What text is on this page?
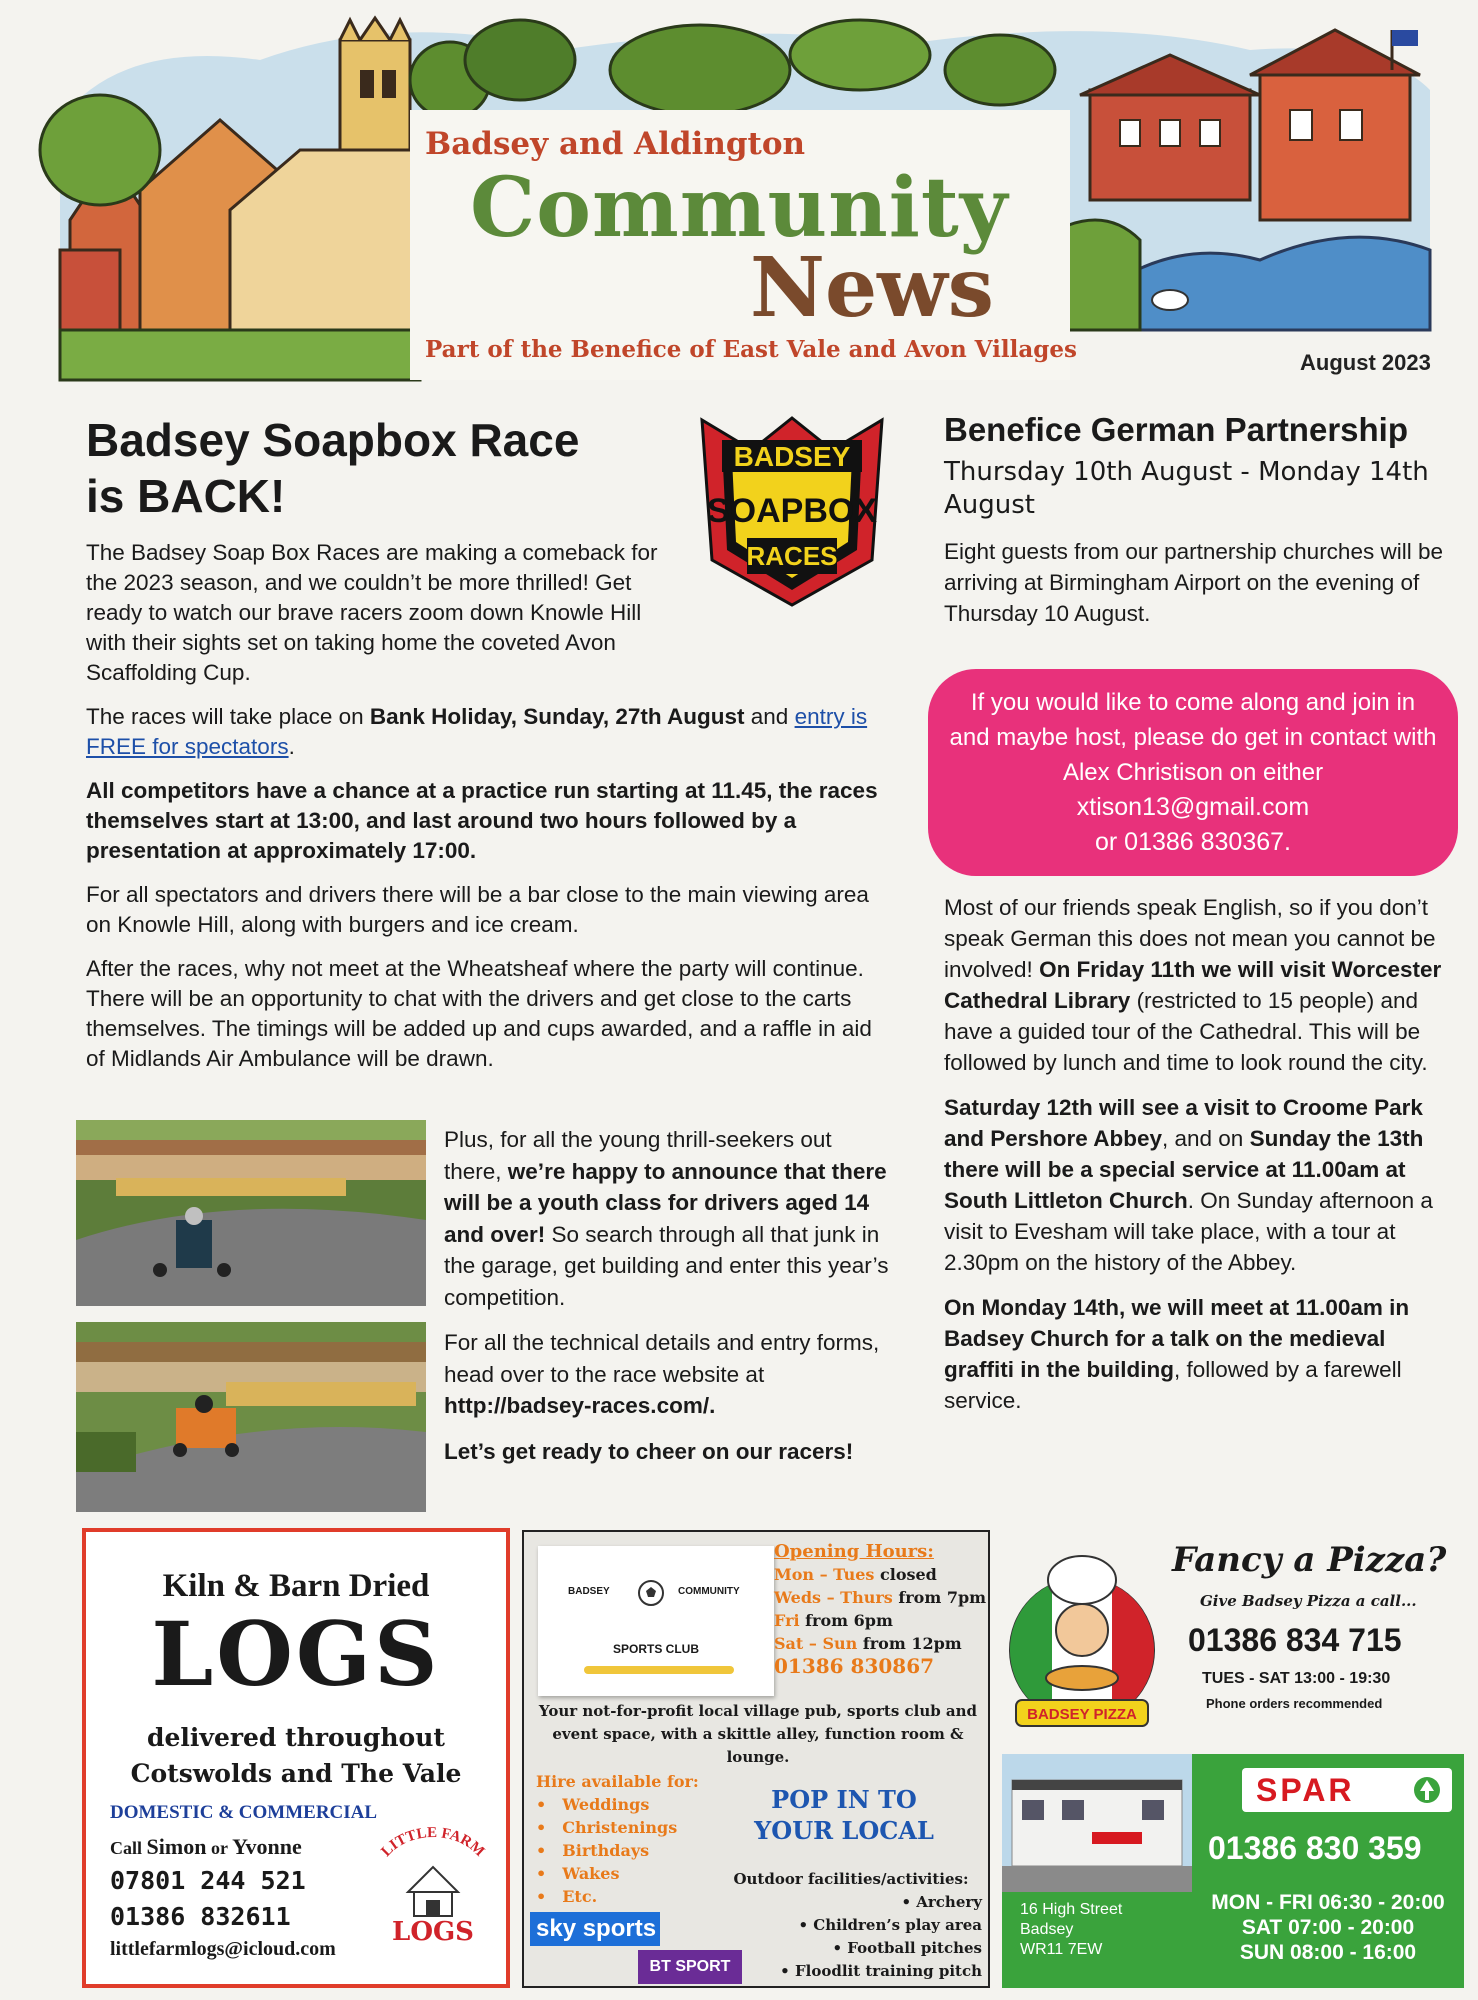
Badsey and Aldington
Community
News
Part of the Benefice of East Vale and Avon Villages	August 2023
BADSEY
SOAPBOX
RACES
Badsey Soapbox Race
is BACK!

The Badsey Soap Box Races are making a comeback for the 2023 season, and we couldn’t be more thrilled! Get ready to watch our brave racers zoom down Knowle Hill with their sights set on taking home the coveted Avon Scaffolding Cup.

The races will take place on Bank Holiday, Sunday, 27th August and entry is FREE for spectators.

All competitors have a chance at a practice run starting at 11.45, the races themselves start at 13:00, and last around two hours followed by a presentation at approximately 17:00.

For all spectators and drivers there will be a bar close to the main viewing area on Knowle Hill, along with burgers and ice cream.

After the races, why not meet at the Wheatsheaf where the party will continue. There will be an opportunity to chat with the drivers and get close to the carts themselves. The timings will be added up and cups awarded, and a raffle in aid of Midlands Air Ambulance will be drawn.

Plus, for all the young thrill-seekers out there, we’re happy to announce that there will be a youth class for drivers aged 14 and over! So search through all that junk in the garage, get building and enter this year’s competition.

For all the technical details and entry forms, head over to the race website at http://badsey-races.com/.

Let’s get ready to cheer on our racers!

Benefice German Partnership
Thursday 10th August - Monday 14th August

Eight guests from our partnership churches will be arriving at Birmingham Airport on the evening of Thursday 10 August.

If you would like to come along and join in and maybe host, please do get in contact with Alex Christison on either
xtison13@gmail.com
or 01386 830367.

Most of our friends speak English, so if you don’t speak German this does not mean you cannot be involved! On Friday 11th we will visit Worcester Cathedral Library (restricted to 15 people) and have a guided tour of the Cathedral. This will be followed by lunch and time to look round the city.

Saturday 12th will see a visit to Croome Park and Pershore Abbey, and on Sunday the 13th there will be a special service at 11.00am at South Littleton Church. On Sunday afternoon a visit to Evesham will take place, with a tour at 2.30pm on the history of the Abbey.

On Monday 14th, we will meet at 11.00am in Badsey Church for a talk on the medieval graffiti in the building, followed by a farewell service.

Kiln & Barn Dried
LOGS
delivered throughout
Cotswolds and The Vale
DOMESTIC & COMMERCIAL
Call Simon or Yvonne
07801 244 521
01386 832611
littlefarmlogs@icloud.com
LITTLE FARM
LOGS
BADSEY	COMMUNITY
SPORTS CLUB
Opening Hours:
Mon – Tues closed
Weds – Thurs from 7pm
Fri from 6pm
Sat – Sun from 12pm
01386 830867
Your not-for-profit local village pub, sports club and event space, with a skittle alley, function room & lounge.
Hire available for:
• Weddings
• Christenings
• Birthdays
• Wakes
• Etc.
POP IN TO
YOUR LOCAL
Outdoor facilities/activities:
• Archery
• Children’s play area
• Football pitches
• Floodlit training pitch
sky sports
BT SPORT
BADSEY PIZZA
Fancy a Pizza?
Give Badsey Pizza a call...
01386 834 715
TUES - SAT 13:00 - 19:30
Phone orders recommended
SPAR
01386 830 359
16 High Street
Badsey
WR11 7EW
MON - FRI 06:30 - 20:00
SAT 07:00 - 20:00
SUN 08:00 - 16:00
